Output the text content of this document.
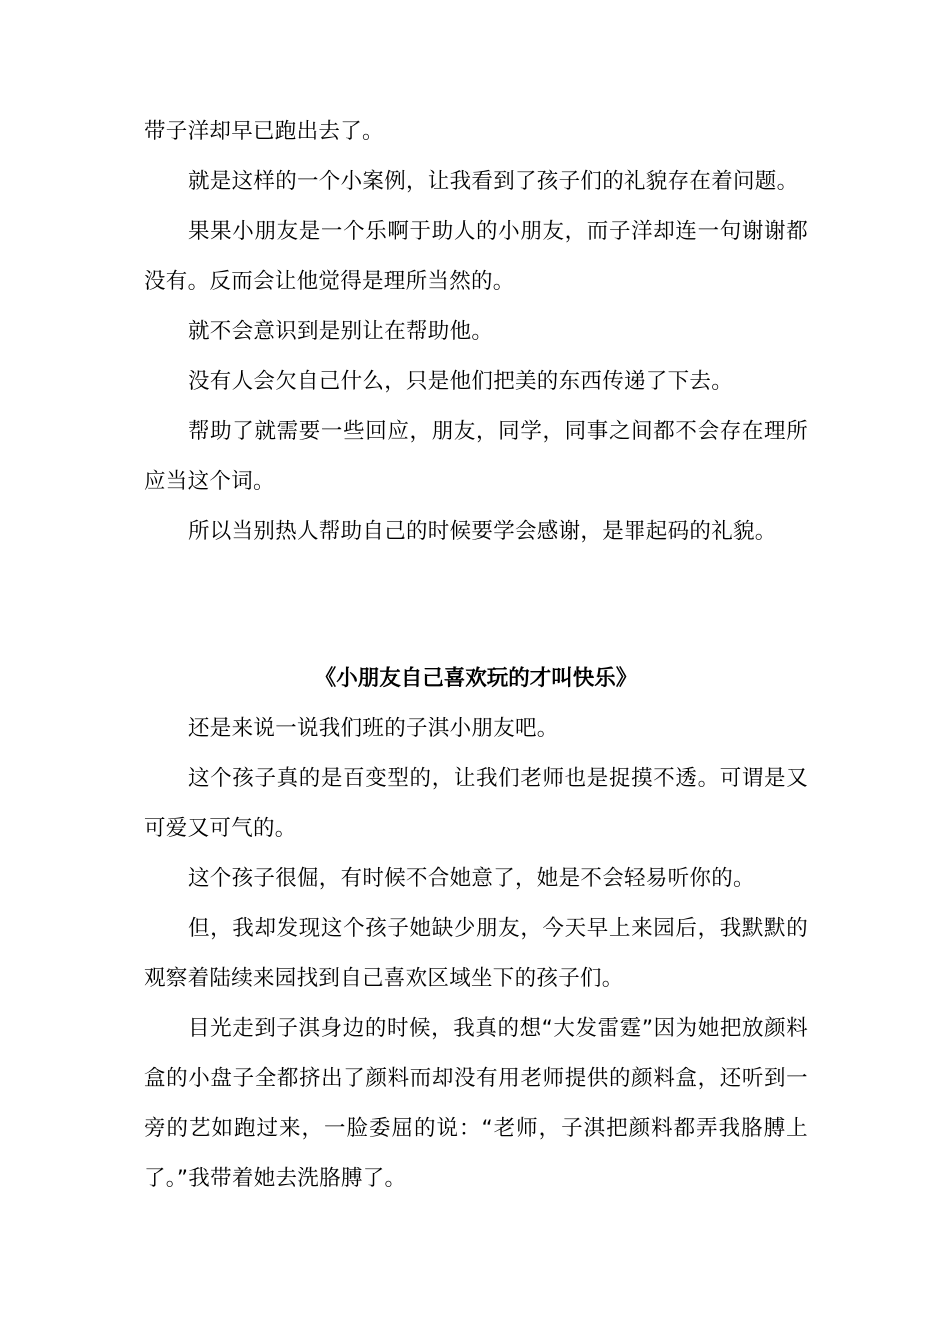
带子洋却早已跑出去了。

就是这样的一个小案例，让我看到了孩子们的礼貌存在着问题。

果果小朋友是一个乐啊于助人的小朋友，而子洋却连一句谢谢都没有。反而会让他觉得是理所当然的。

就不会意识到是别让在帮助他。

没有人会欠自己什么，只是他们把美的东西传递了下去。

帮助了就需要一些回应，朋友，同学，同事之间都不会存在理所应当这个词。

所以当别热人帮助自己的时候要学会感谢，是罪起码的礼貌。

《小朋友自己喜欢玩的才叫快乐》

还是来说一说我们班的子淇小朋友吧。

这个孩子真的是百变型的，让我们老师也是捉摸不透。可谓是又可爱又可气的。

这个孩子很倔，有时候不合她意了，她是不会轻易听你的。

但，我却发现这个孩子她缺少朋友，今天早上来园后，我默默的观察着陆续来园找到自己喜欢区域坐下的孩子们。

目光走到子淇身边的时候，我真的想“大发雷霆”因为她把放颜料盒的小盘子全都挤出了颜料而却没有用老师提供的颜料盒，还听到一旁的艺如跑过来，一脸委屈的说：“老师，子淇把颜料都弄我胳膊上了。”我带着她去洗胳膊了。
